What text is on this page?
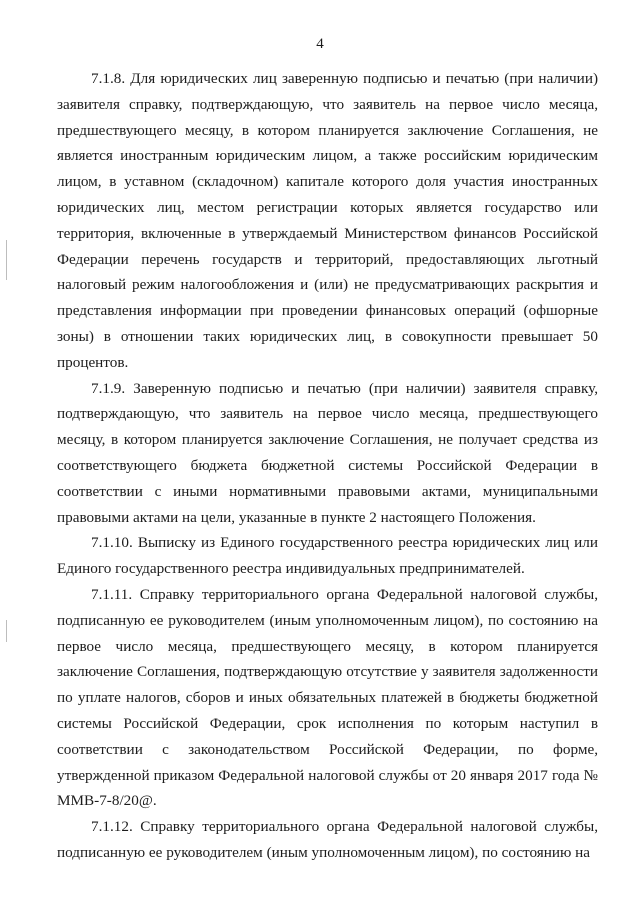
4

7.1.8. Для юридических лиц заверенную подписью и печатью (при наличии) заявителя справку, подтверждающую, что заявитель на первое число месяца, предшествующего месяцу, в котором планируется заключение Соглашения, не является иностранным юридическим лицом, а также российским юридическим лицом, в уставном (складочном) капитале которого доля участия иностранных юридических лиц, местом регистрации которых является государство или территория, включенные в утверждаемый Министерством финансов Российской Федерации перечень государств и территорий, предоставляющих льготный налоговый режим налогообложения и (или) не предусматривающих раскрытия и представления информации при проведении финансовых операций (офшорные зоны) в отношении таких юридических лиц, в совокупности превышает 50 процентов.

7.1.9. Заверенную подписью и печатью (при наличии) заявителя справку, подтверждающую, что заявитель на первое число месяца, предшествующего месяцу, в котором планируется заключение Соглашения, не получает средства из соответствующего бюджета бюджетной системы Российской Федерации в соответствии с иными нормативными правовыми актами, муниципальными правовыми актами на цели, указанные в пункте 2 настоящего Положения.

7.1.10. Выписку из Единого государственного реестра юридических лиц или Единого государственного реестра индивидуальных предпринимателей.

7.1.11. Справку территориального органа Федеральной налоговой службы, подписанную ее руководителем (иным уполномоченным лицом), по состоянию на первое число месяца, предшествующего месяцу, в котором планируется заключение Соглашения, подтверждающую отсутствие у заявителя задолженности по уплате налогов, сборов и иных обязательных платежей в бюджеты бюджетной системы Российской Федерации, срок исполнения по которым наступил в соответствии с законодательством Российской Федерации, по форме, утвержденной приказом Федеральной налоговой службы от 20 января 2017 года № ММВ-7-8/20@.

7.1.12. Справку территориального органа Федеральной налоговой службы, подписанную ее руководителем (иным уполномоченным лицом), по состоянию на
